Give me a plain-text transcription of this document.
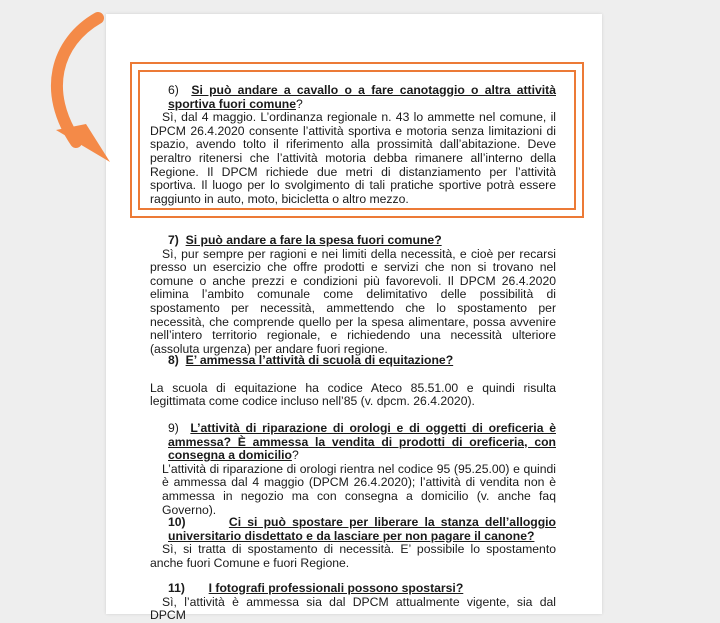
6) Si può andare a cavallo o a fare canotaggio o altra attività sportiva fuori comune?

Sì, dal 4 maggio. L’ordinanza regionale n. 43 lo ammette nel comune, il DPCM 26.4.2020 consente l’attività sportiva e motoria senza limitazioni di spazio, avendo tolto il riferimento alla prossimità dall’abitazione. Deve peraltro ritenersi che l’attività motoria debba rimanere all’interno della Regione. Il DPCM richiede due metri di distanziamento per l’attività sportiva. Il luogo per lo svolgimento di tali pratiche sportive potrà essere raggiunto in auto, moto, bicicletta o altro mezzo.

7) Si può andare a fare la spesa fuori comune?

Sì, pur sempre per ragioni e nei limiti della necessità, e cioè per recarsi presso un esercizio che offre prodotti e servizi che non si trovano nel comune o anche prezzi e condizioni più favorevoli. Il DPCM 26.4.2020 elimina l’ambito comunale come delimitativo delle possibilità di spostamento per necessità, ammettendo che lo spostamento per necessità, che comprende quello per la spesa alimentare, possa avvenire nell’intero territorio regionale, e richiedendo una necessità ulteriore (assoluta urgenza) per andare fuori regione.

8) E’ ammessa l’attività di scuola di equitazione?

La scuola di equitazione ha codice Ateco 85.51.00 e quindi risulta legittimata come codice incluso nell’85 (v. dpcm. 26.4.2020).

9) L’attività di riparazione di orologi e di oggetti di oreficeria è ammessa? È ammessa la vendita di prodotti di oreficeria, con consegna a domicilio?

L’attività di riparazione di orologi rientra nel codice 95 (95.25.00) e quindi è ammessa dal 4 maggio (DPCM 26.4.2020); l’attività di vendita non è ammessa in negozio ma con consegna a domicilio (v. anche faq Governo).

10)	Ci si può spostare per liberare la stanza dell’alloggio universitario disdettato e da lasciare per non pagare il canone?

Sì, si tratta di spostamento di necessità. E’ possibile lo spostamento anche fuori Comune e fuori Regione.

11) I fotografi professionali possono spostarsi?

Sì, l’attività è ammessa sia dal DPCM attualmente vigente, sia dal DPCM
